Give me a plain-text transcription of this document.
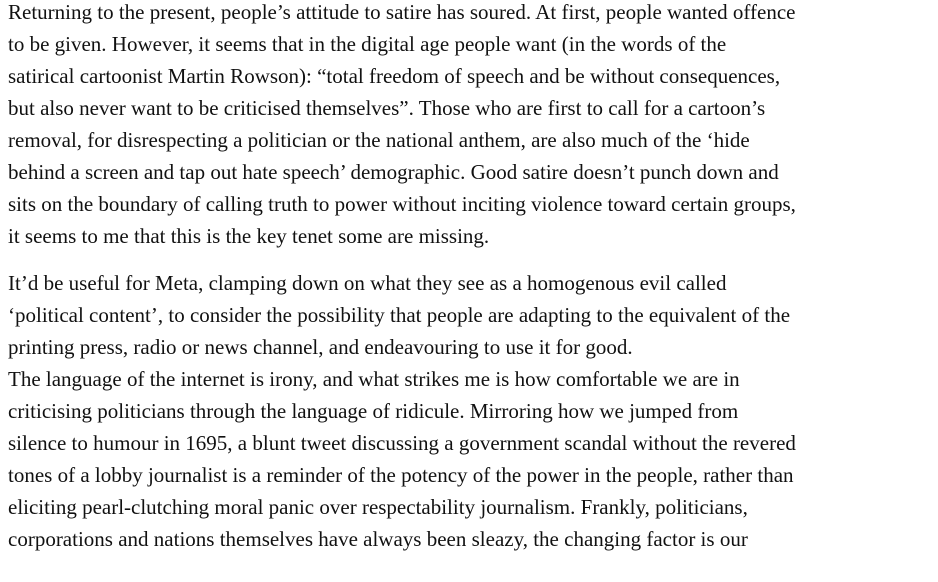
Returning to the present, people’s attitude to satire has soured. At first, people wanted offence
to be given. However, it seems that in the digital age people want (in the words of the
satirical cartoonist Martin Rowson): “total freedom of speech and be without consequences,
but also never want to be criticised themselves”. Those who are first to call for a cartoon’s
removal, for disrespecting a politician or the national anthem, are also much of the ‘hide
behind a screen and tap out hate speech’ demographic. Good satire doesn’t punch down and
sits on the boundary of calling truth to power without inciting violence toward certain groups,
it seems to me that this is the key tenet some are missing.

It’d be useful for Meta, clamping down on what they see as a homogenous evil called
‘political content’, to consider the possibility that people are adapting to the equivalent of the
printing press, radio or news channel, and endeavouring to use it for good.

The language of the internet is irony, and what strikes me is how comfortable we are in
criticising politicians through the language of ridicule. Mirroring how we jumped from
silence to humour in 1695, a blunt tweet discussing a government scandal without the revered
tones of a lobby journalist is a reminder of the potency of the power in the people, rather than
eliciting pearl-clutching moral panic over respectability journalism. Frankly, politicians,
corporations and nations themselves have always been sleazy, the changing factor is our
